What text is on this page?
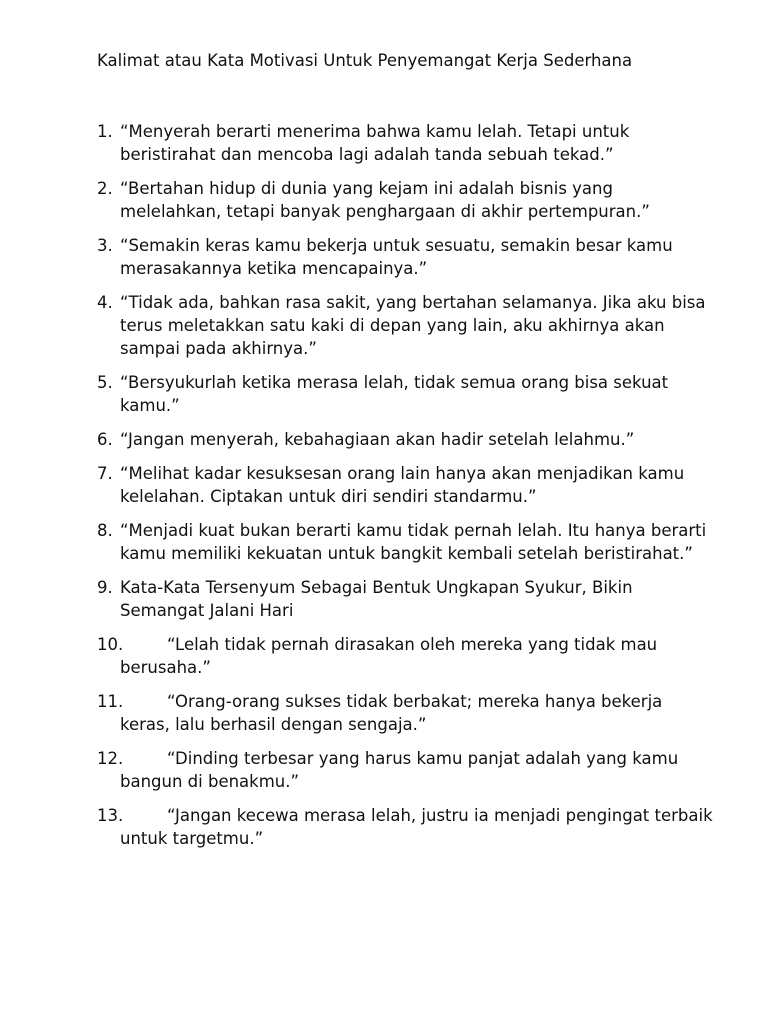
Kalimat atau Kata Motivasi Untuk Penyemangat Kerja Sederhana
1. “Menyerah berarti menerima bahwa kamu lelah. Tetapi untuk beristirahat dan mencoba lagi adalah tanda sebuah tekad.”
2. “Bertahan hidup di dunia yang kejam ini adalah bisnis yang melelahkan, tetapi banyak penghargaan di akhir pertempuran.”
3. “Semakin keras kamu bekerja untuk sesuatu, semakin besar kamu merasakannya ketika mencapainya.”
4. “Tidak ada, bahkan rasa sakit, yang bertahan selamanya. Jika aku bisa terus meletakkan satu kaki di depan yang lain, aku akhirnya akan sampai pada akhirnya.”
5. “Bersyukurlah ketika merasa lelah, tidak semua orang bisa sekuat kamu.”
6. “Jangan menyerah, kebahagiaan akan hadir setelah lelahmu.”
7. “Melihat kadar kesuksesan orang lain hanya akan menjadikan kamu kelelahan. Ciptakan untuk diri sendiri standarmu.”
8. “Menjadi kuat bukan berarti kamu tidak pernah lelah. Itu hanya berarti kamu memiliki kekuatan untuk bangkit kembali setelah beristirahat.”
9. Kata-Kata Tersenyum Sebagai Bentuk Ungkapan Syukur, Bikin Semangat Jalani Hari
10.	“Lelah tidak pernah dirasakan oleh mereka yang tidak mau berusaha.”
11.	“Orang-orang sukses tidak berbakat; mereka hanya bekerja keras, lalu berhasil dengan sengaja.”
12.	“Dinding terbesar yang harus kamu panjat adalah yang kamu bangun di benakmu.”
13.	“Jangan kecewa merasa lelah, justru ia menjadi pengingat terbaik untuk targetmu.”
